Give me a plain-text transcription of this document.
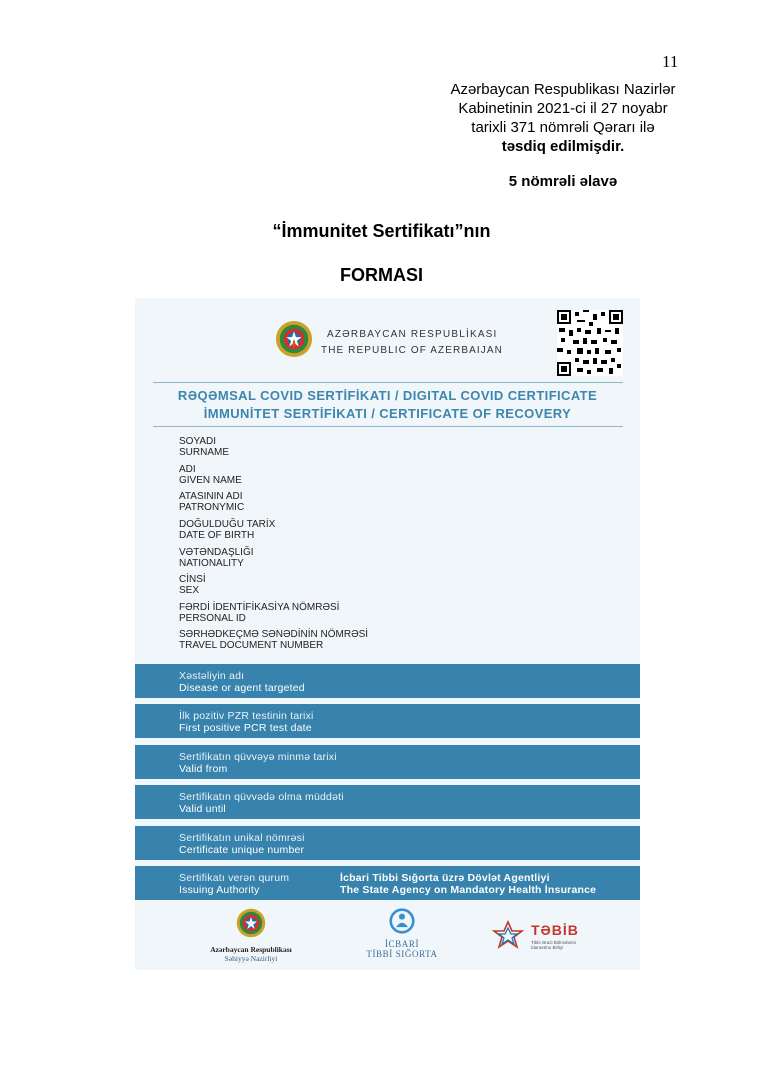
11
Azərbaycan Respublikası Nazirlər
Kabinetinin 2021-ci il 27 noyabr
tarixli 371 nömrəli Qərarı ilə
təsdiq edilmişdir.
5 nömrəli əlavə
“İmmunitet Sertifikatı”nın
FORMASI
AZƏRBAYCAN RESPUBLİKASI
THE REPUBLIC OF AZERBAIJAN
RƏQƏMSAL COVID SERTİFİKATI / DIGITAL COVID CERTIFICATE
İMMUNİTET SERTİFİKATI / CERTIFICATE OF RECOVERY
SOYADI
SURNAME
ADI
GIVEN NAME
ATASININ ADI
PATRONYMIC
DOĞULDUĞU TARİX
DATE OF BIRTH
VƏTƏNDAŞLIĞI
NATIONALITY
CİNSİ
SEX
FƏRDİ İDENTİFİKASİYA NÖMRƏSİ
PERSONAL ID
SƏRHƏDKEÇMƏ SƏNƏDİNİN NÖMRƏSİ
TRAVEL DOCUMENT NUMBER
Xəstəliyin adı
Disease or agent targeted
İlk pozitiv PZR testinin tarixi
First positive PCR test date
Sertifikatın qüvvəyə minmə tarixi
Valid from
Sertifikatın qüvvədə olma müddəti
Valid until
Sertifikatın unikal nömrəsi
Certificate unique number
Sertifikatı verən qurum
Issuing Authority
İcbari Tibbi Sığorta üzrə Dövlət Agentliyi
The State Agency on Mandatory Health İnsurance
Azərbaycan Respublikası
Səhiyyə Nazirliyi
İCBARİ
TİBBİ SIĞORTA
TƏBİB
Tibbi Ərazi Bölmələrini İdarəetmə Birliyi
